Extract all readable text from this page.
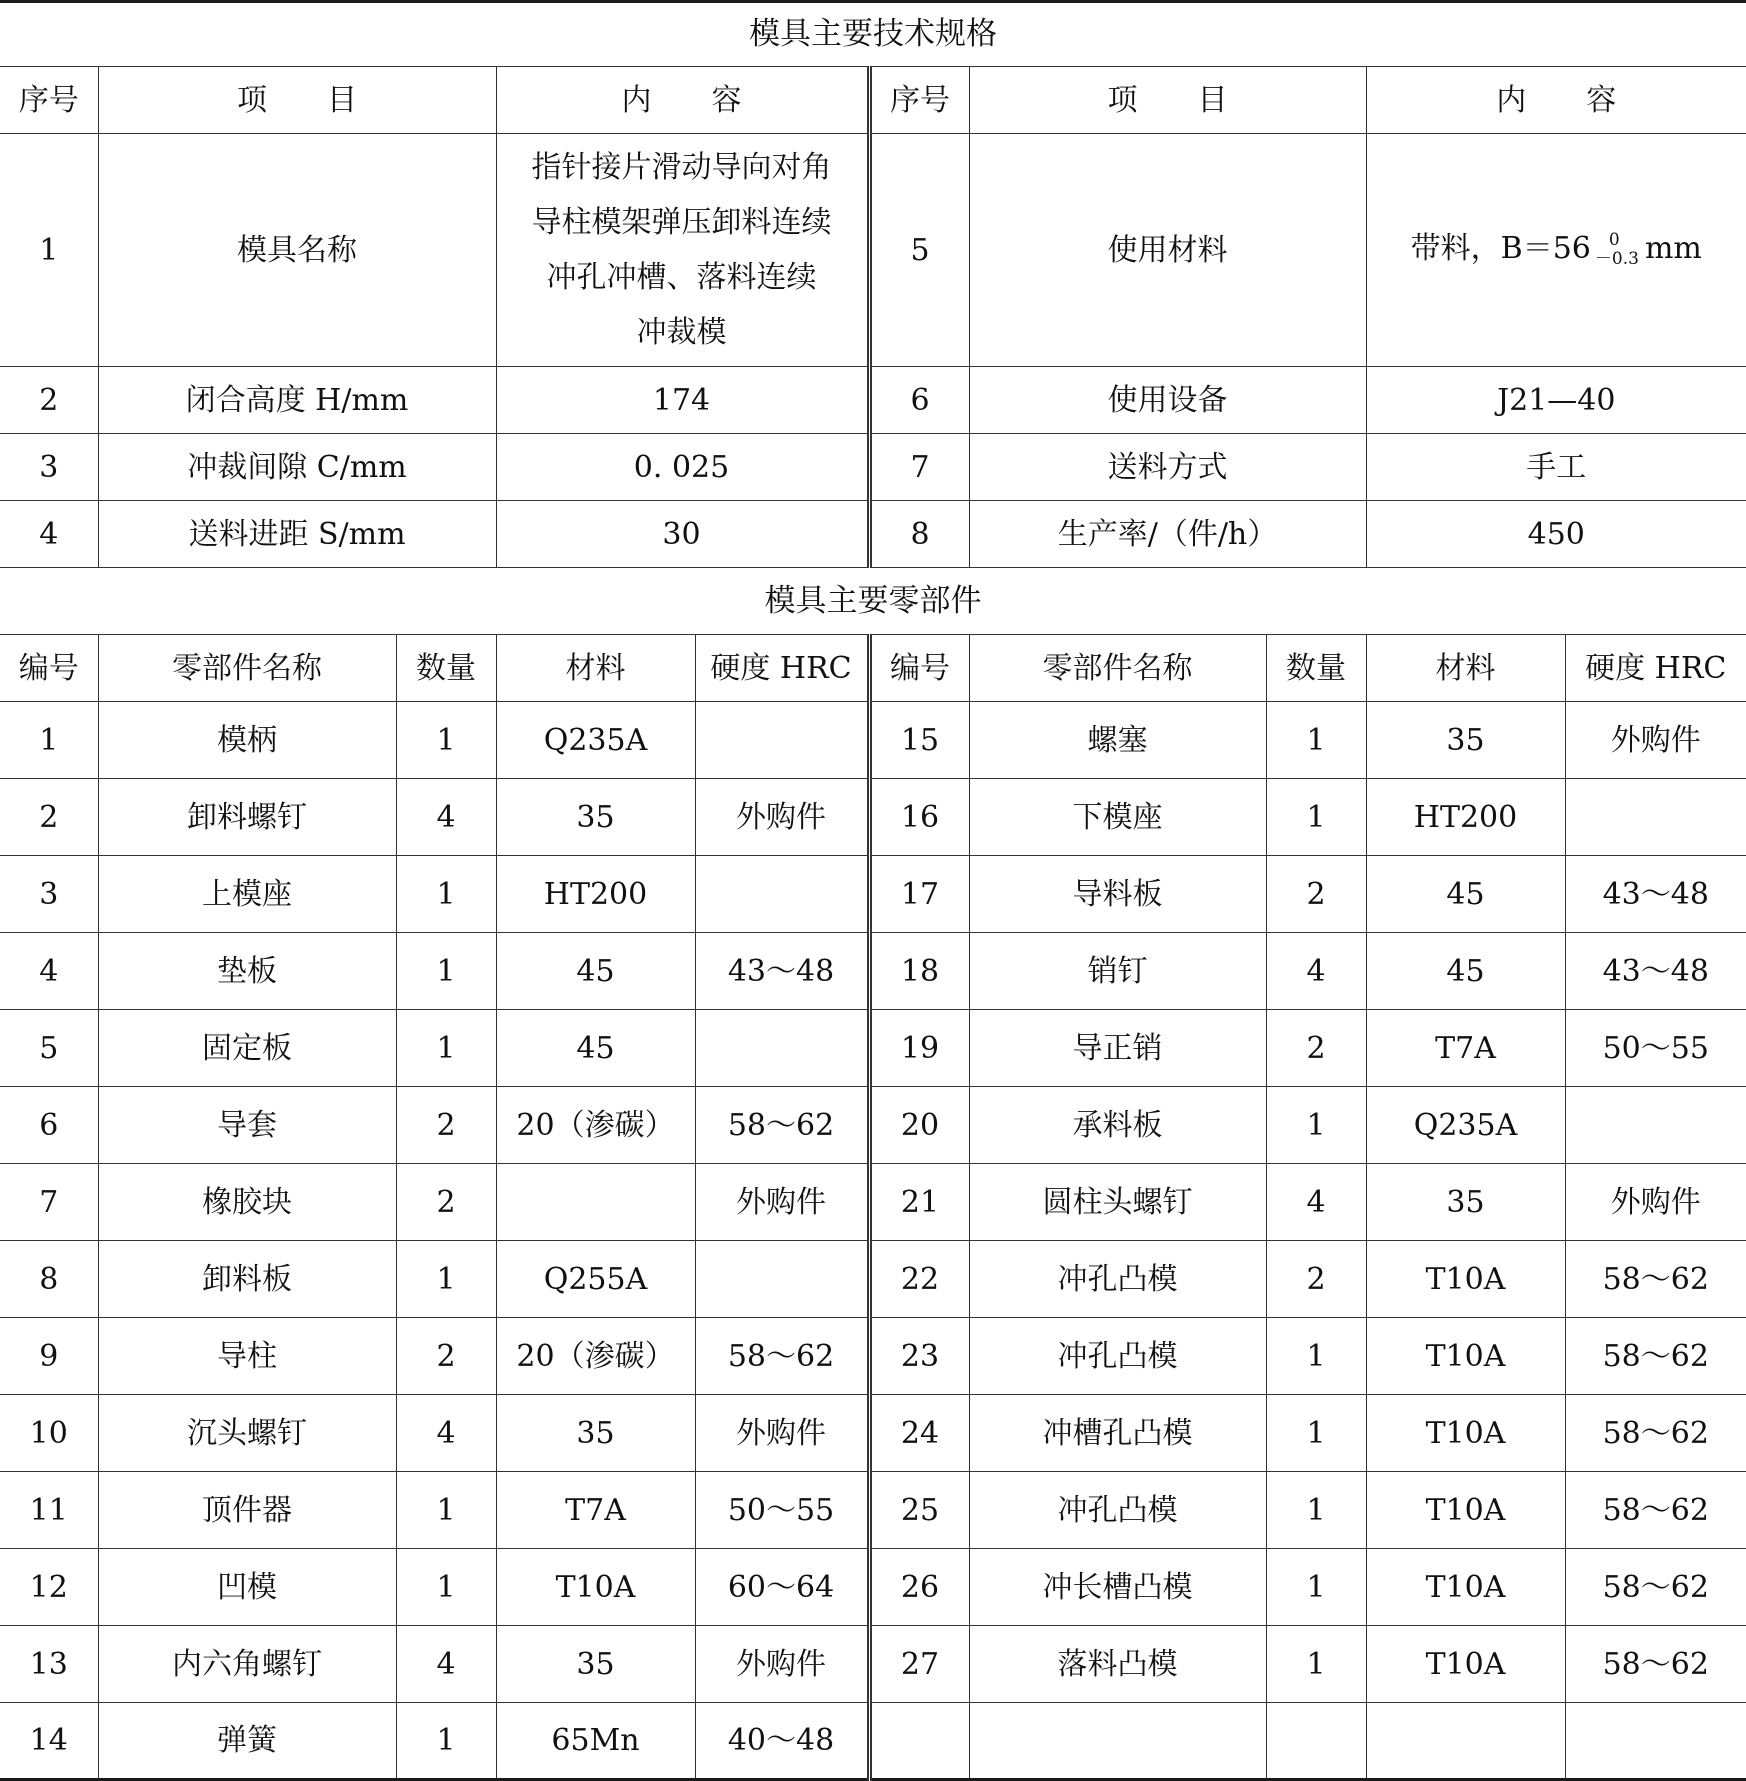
模具主要技术规格									
序号	项　　目		内　　容		序号	项　　目		内　　容	
1	模具名称		指针接片滑动导向对角
导柱模架弹压卸料连续
冲孔冲槽、落料连续
冲裁模		5	使用材料		带料，B＝56 0
－0.3 mm	
2	闭合高度 H/mm		174		6	使用设备		J21—40	
3	冲裁间隙 C/mm		0. 025		7	送料方式		手工	
4	送料进距 S/mm		30		8	生产率/（件/h）		450	
模具主要零部件									
编号	零部件名称	数量	材料	硬度 HRC	编号	零部件名称	数量	材料	硬度 HRC
1	模柄	1	Q235A		15	螺塞	1	35	外购件
2	卸料螺钉	4	35	外购件	16	下模座	1	HT200	
3	上模座	1	HT200		17	导料板	2	45	43～48
4	垫板	1	45	43～48	18	销钉	4	45	43～48
5	固定板	1	45		19	导正销	2	T7A	50～55
6	导套	2	20（渗碳）	58～62	20	承料板	1	Q235A	
7	橡胶块	2		外购件	21	圆柱头螺钉	4	35	外购件
8	卸料板	1	Q255A		22	冲孔凸模	2	T10A	58～62
9	导柱	2	20（渗碳）	58～62	23	冲孔凸模	1	T10A	58～62
10	沉头螺钉	4	35	外购件	24	冲槽孔凸模	1	T10A	58～62
11	顶件器	1	T7A	50～55	25	冲孔凸模	1	T10A	58～62
12	凹模	1	T10A	60～64	26	冲长槽凸模	1	T10A	58～62
13	内六角螺钉	4	35	外购件	27	落料凸模	1	T10A	58～62
14	弹簧	1	65Mn	40～48					
